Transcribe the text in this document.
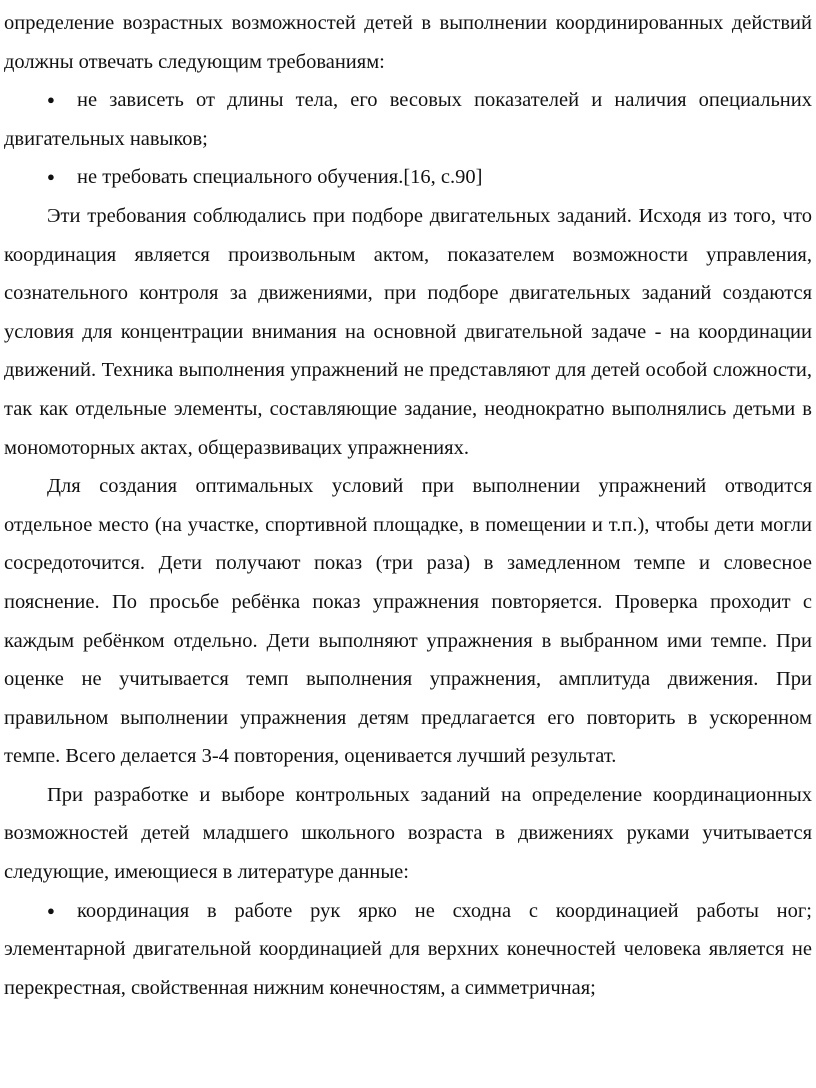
определение возрастных возможностей детей в выполнении координированных действий должны отвечать следующим требованиям:

● не зависеть от длины тела, его весовых показателей и наличия опециальних двигательных навыков;

● не требовать специального обучения.[16, с.90]

Эти требования соблюдались при подборе двигательных заданий. Исходя из того, что координация является произвольным актом, показателем возможности управления, сознательного контроля за движениями, при подборе двигательных заданий создаются условия для концентрации внимания на основной двигательной задаче - на координации движений. Техника выполнения упражнений не представляют для детей особой сложности, так как отдельные элементы, составляющие задание, неоднократно выполнялись детьми в мономоторных актах, общеразвивацих упражнениях.

Для создания оптимальных условий при выполнении упражнений отводится отдельное место (на участке, спортивной площадке, в помещении и т.п.), чтобы дети могли сосредоточится. Дети получают показ (три раза) в замедленном темпе и словесное пояснение. По просьбе ребёнка показ упражнения повторяется. Проверка проходит с каждым ребёнком отдельно. Дети выполняют упражнения в выбранном ими темпе. При оценке не учитывается темп выполнения упражнения, амплитуда движения. При правильном выполнении упражнения детям предлагается его повторить в ускоренном темпе. Всего делается 3-4 повторения, оценивается лучший результат.

При разработке и выборе контрольных заданий на определение координационных возможностей детей младшего школьного возраста в движениях руками учитывается следующие, имеющиеся в литературе данные:

● координация в работе рук ярко не сходна с координацией работы ног; элементарной двигательной координацией для верхних конечностей человека является не перекрестная, свойственная нижним конечностям, а симметричная;
